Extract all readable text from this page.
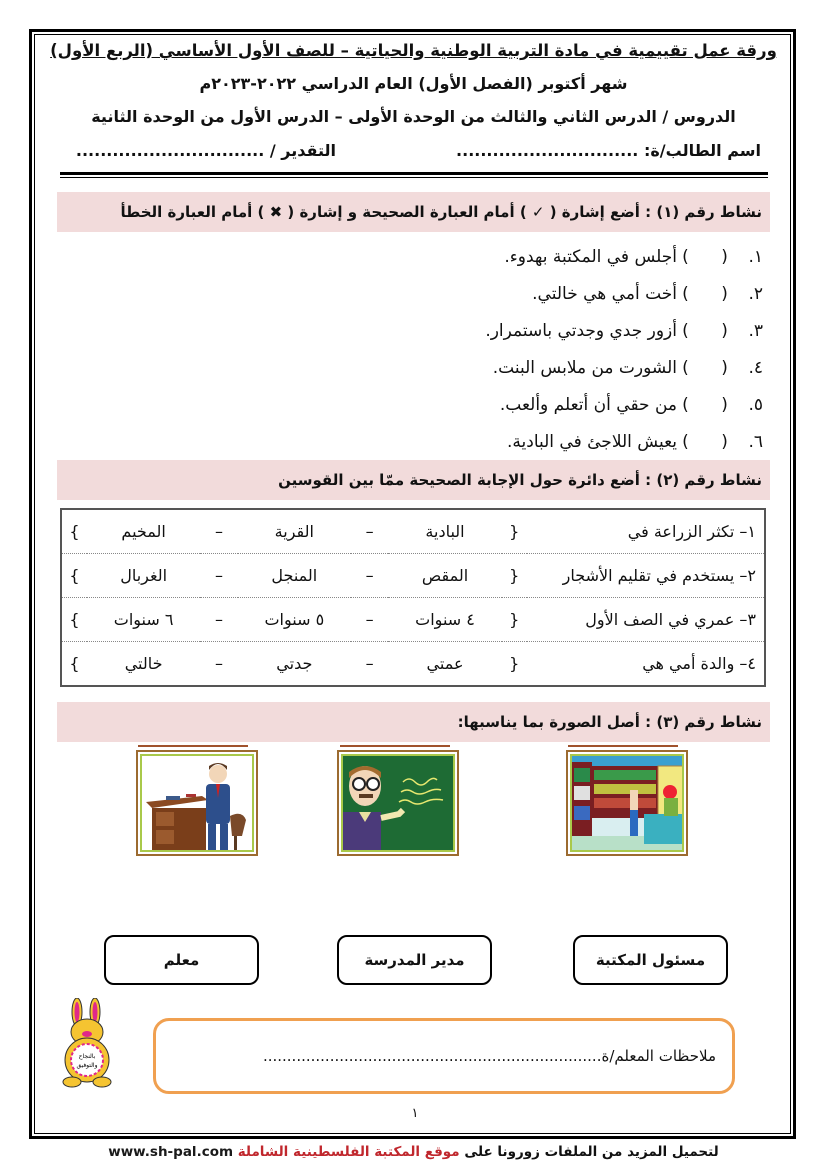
ورقة عمل تقييمية في مادة التربية الوطنية والحياتية – للصف الأول الأساسي (الربع الأول)
شهر أكتوبر (الفصل الأول) العام الدراسي ٢٠٢٢-٢٠٢٣م
الدروس / الدرس الثاني والثالث من الوحدة الأولى – الدرس الأول من الوحدة الثانية
اسم الطالب/ة: ..............................
التقدير / ...............................
نشاط رقم (١) : أضع إشارة ( ✓ ) أمام العبارة الصحيحة و إشارة ( ✖ ) أمام العبارة الخطأ
١.
(      )
أجلس في المكتبة بهدوء.
٢.
(      )
أخت أمي هي خالتي.
٣.
(      )
أزور جدي وجدتي باستمرار.
٤.
(      )
الشورت من ملابس البنت.
٥.
(      )
من حقي أن أتعلم وألعب.
٦.
(      )
يعيش اللاجئ في البادية.
نشاط رقم (٢) : أضع دائرة حول الإجابة الصحيحة ممّا بين القوسين
١– تكثر الزراعة في	{	البادية	–	القرية	–	المخيم	}
٢– يستخدم في تقليم الأشجار	{	المقص	–	المنجل	–	الغربال	}
٣– عمري في الصف الأول	{	٤ سنوات	–	٥ سنوات	–	٦ سنوات	}
٤– والدة أمي هي	{	عمتي	–	جدتي	–	خالتي	}
نشاط رقم (٣) : أصل الصورة بما يناسبها:
مسئول المكتبة
مدير المدرسة
معلم
بالنجاح
والتوفيق
ملاحظات المعلم/ة.......................................................................
١
لتحميل المزيد من الملفات زورونا على موقع المكتبة الفلسطينية الشاملة www.sh-pal.com
